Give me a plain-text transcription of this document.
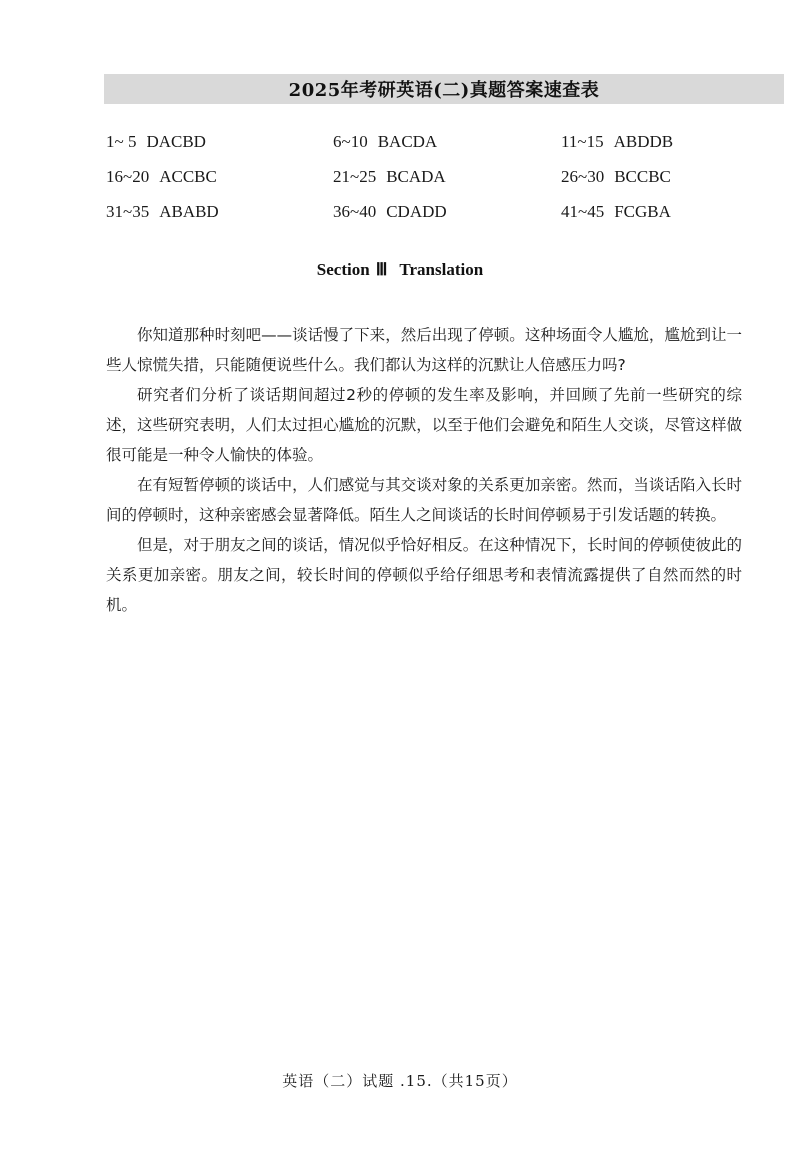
2025年考研英语(二)真题答案速查表
1~ 5 DACBD	6~10 BACDA	11~15 ABDDB
16~20 ACCBC	21~25 BCADA	26~30 BCCBC
31~35 ABABD	36~40 CDADD	41~45 FCGBA
Section Ⅲ Translation

你知道那种时刻吧——谈话慢了下来，然后出现了停顿。这种场面令人尴尬，尴尬到让一些人惊慌失措，只能随便说些什么。我们都认为这样的沉默让人倍感压力吗?

研究者们分析了谈话期间超过2秒的停顿的发生率及影响，并回顾了先前一些研究的综述，这些研究表明，人们太过担心尴尬的沉默，以至于他们会避免和陌生人交谈，尽管这样做很可能是一种令人愉快的体验。

在有短暂停顿的谈话中，人们感觉与其交谈对象的关系更加亲密。然而，当谈话陷入长时间的停顿时，这种亲密感会显著降低。陌生人之间谈话的长时间停顿易于引发话题的转换。

但是，对于朋友之间的谈话，情况似乎恰好相反。在这种情况下，长时间的停顿使彼此的关系更加亲密。朋友之间，较长时间的停顿似乎给仔细思考和表情流露提供了自然而然的时机。

英语（二）试题 .15.（共15页）
